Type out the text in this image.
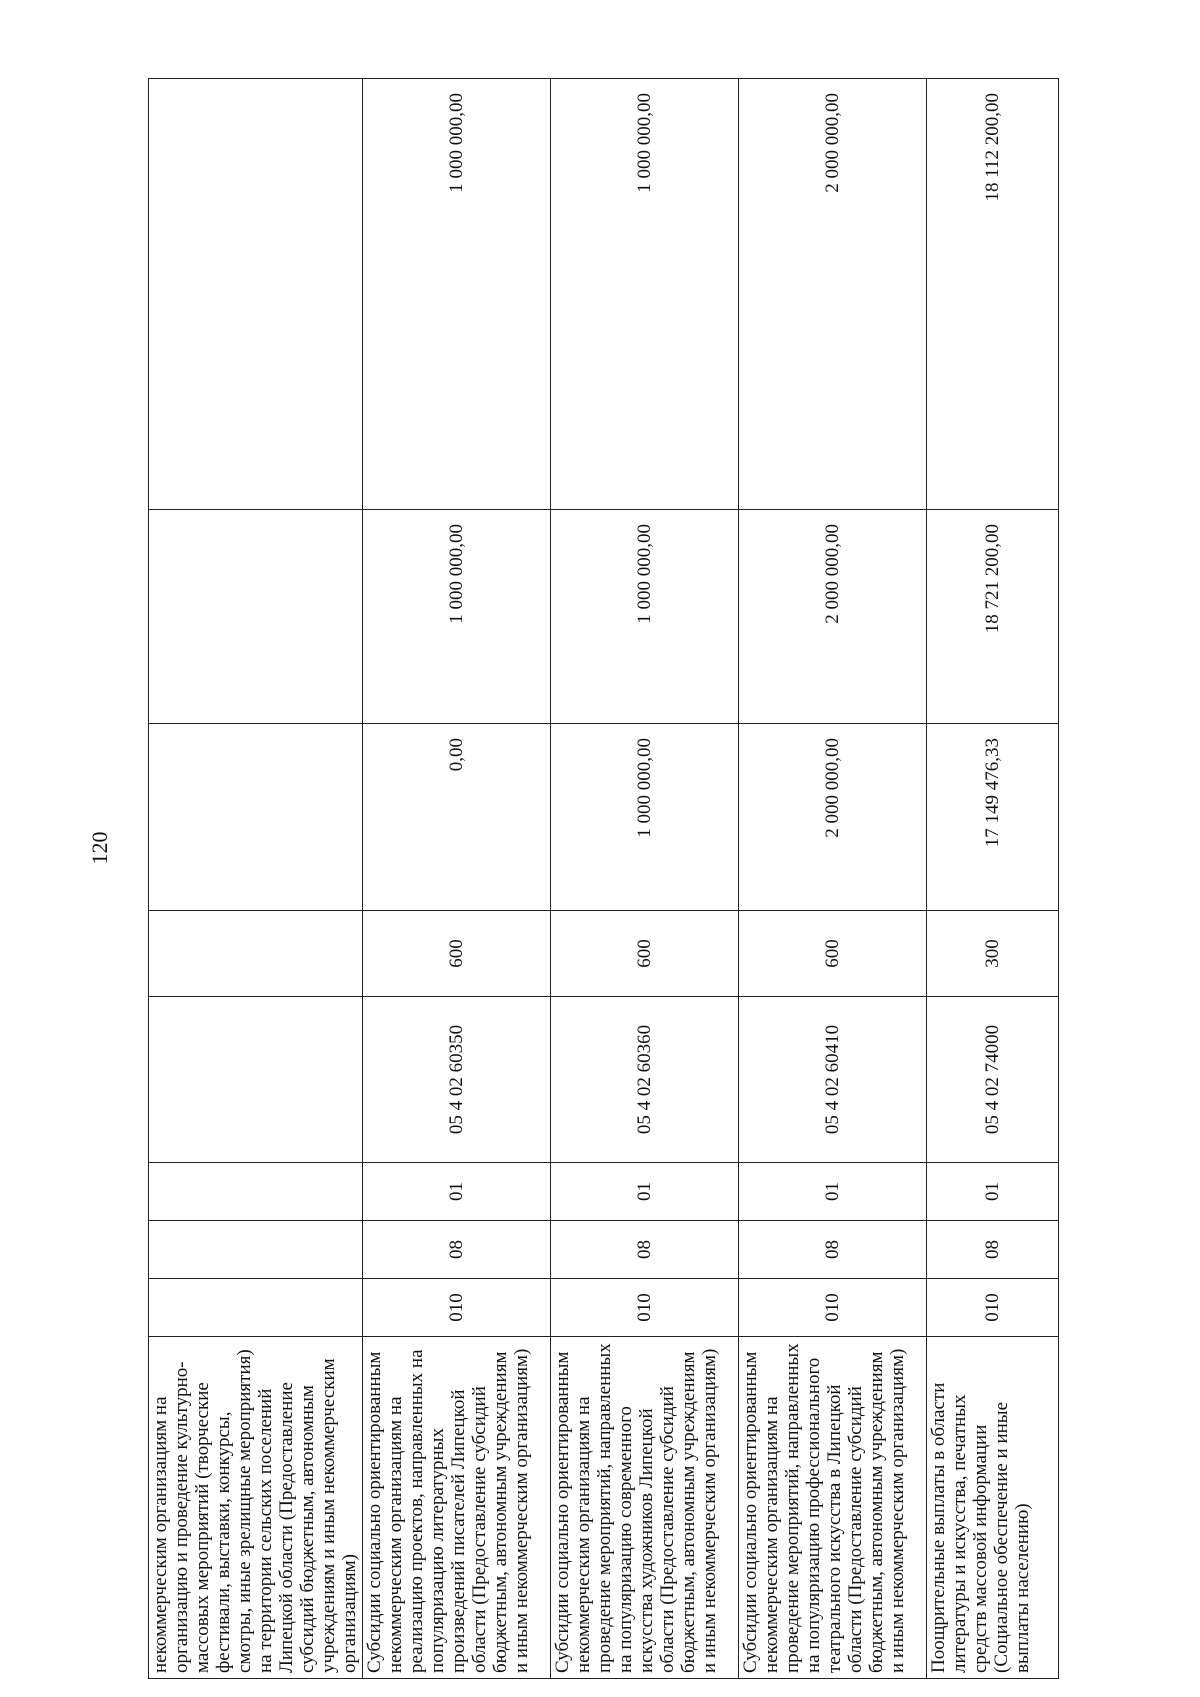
120
некоммерческим организациям на организацию и проведение культурно-массовых мероприятий (творческие фестивали, выставки, конкурсы, смотры, иные зрелищные мероприятия) на территории сельских поселений Липецкой области (Предоставление субсидий бюджетным, автономным учреждениям и иным некоммерческим организациям)								
Субсидии социально ориентированным некоммерческим организациям на реализацию проектов, направленных на популяризацию литературных произведений писателей Липецкой области (Предоставление субсидий бюджетным, автономным учреждениям и иным некоммерческим организациям)	010	08	01	05 4 02 60350	600	0,00	1 000 000,00	1 000 000,00
Субсидии социально ориентированным некоммерческим организациям на проведение мероприятий, направленных на популяризацию современного искусства художников Липецкой области (Предоставление субсидий бюджетным, автономным учреждениям и иным некоммерческим организациям)	010	08	01	05 4 02 60360	600	1 000 000,00	1 000 000,00	1 000 000,00
Субсидии социально ориентированным некоммерческим организациям на проведение мероприятий, направленных на популяризацию профессионального театрального искусства в Липецкой области (Предоставление субсидий бюджетным, автономным учреждениям и иным некоммерческим организациям)	010	08	01	05 4 02 60410	600	2 000 000,00	2 000 000,00	2 000 000,00
Поощрительные выплаты в области литературы и искусства, печатных средств массовой информации (Социальное обеспечение и иные выплаты населению)	010	08	01	05 4 02 74000	300	17 149 476,33	18 721 200,00	18 112 200,00
